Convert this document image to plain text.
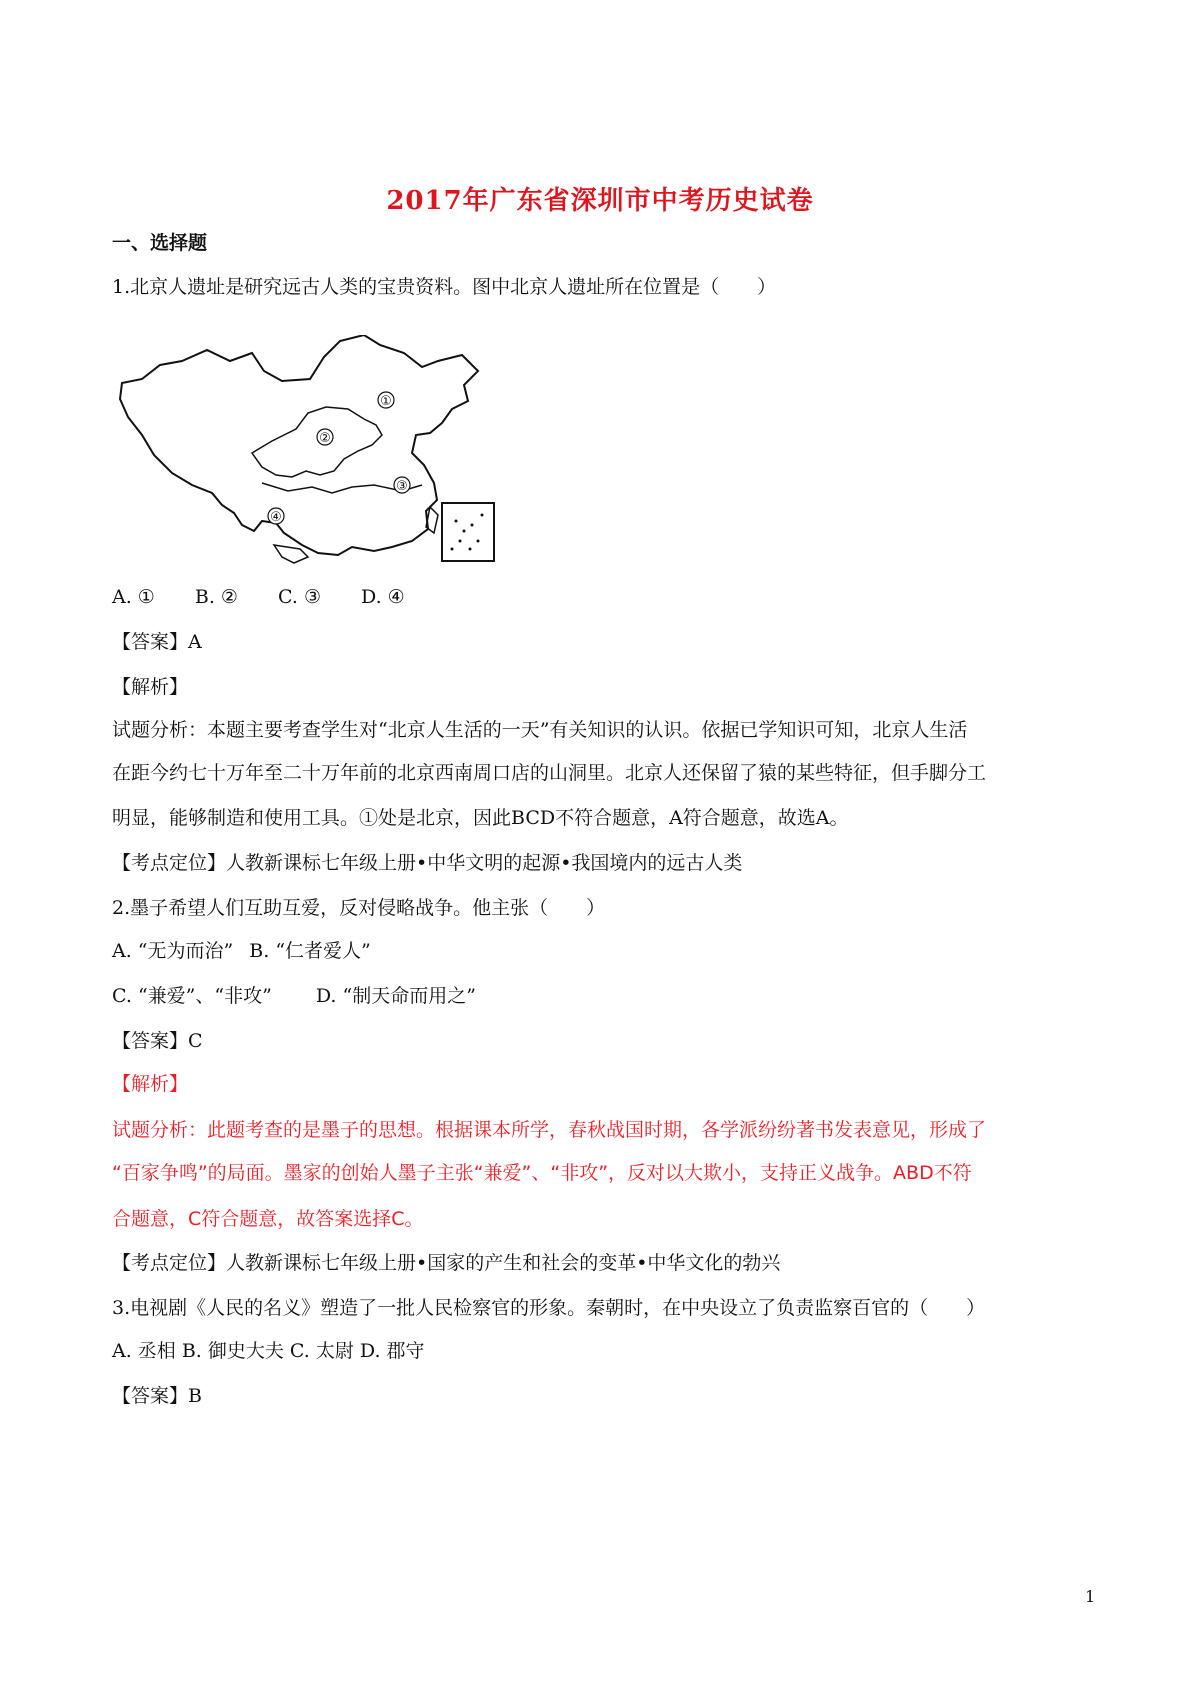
2017年广东省深圳市中考历史试卷
一、选择题
1.北京人遗址是研究远古人类的宝贵资料。图中北京人遗址所在位置是（　　）
①
②
③
④
A. ① B. ② C. ③ D. ④
【答案】A
【解析】
试题分析：本题主要考查学生对“北京人生活的一天”有关知识的认识。依据已学知识可知，北京人生活
在距今约七十万年至二十万年前的北京西南周口店的山洞里。北京人还保留了猿的某些特征，但手脚分工
明显，能够制造和使用工具。①处是北京，因此BCD不符合题意，A符合题意，故选A。
【考点定位】人教新课标七年级上册•中华文明的起源•我国境内的远古人类
2.墨子希望人们互助互爱，反对侵略战争。他主张（　　）
A. “无为而治” B. “仁者爱人”
C. “兼爱”、“非攻” D. “制天命而用之”
【答案】C
【解析】
试题分析：此题考查的是墨子的思想。根据课本所学，春秋战国时期，各学派纷纷著书发表意见，形成了
“百家争鸣”的局面。墨家的创始人墨子主张“兼爱”、“非攻”，反对以大欺小，支持正义战争。ABD不符
合题意，C符合题意，故答案选择C。
【考点定位】人教新课标七年级上册•国家的产生和社会的变革•中华文化的勃兴
3.电视剧《人民的名义》塑造了一批人民检察官的形象。秦朝时，在中央设立了负责监察百官的（　　）
A. 丞相 B. 御史大夫 C. 太尉 D. 郡守
【答案】B
1
